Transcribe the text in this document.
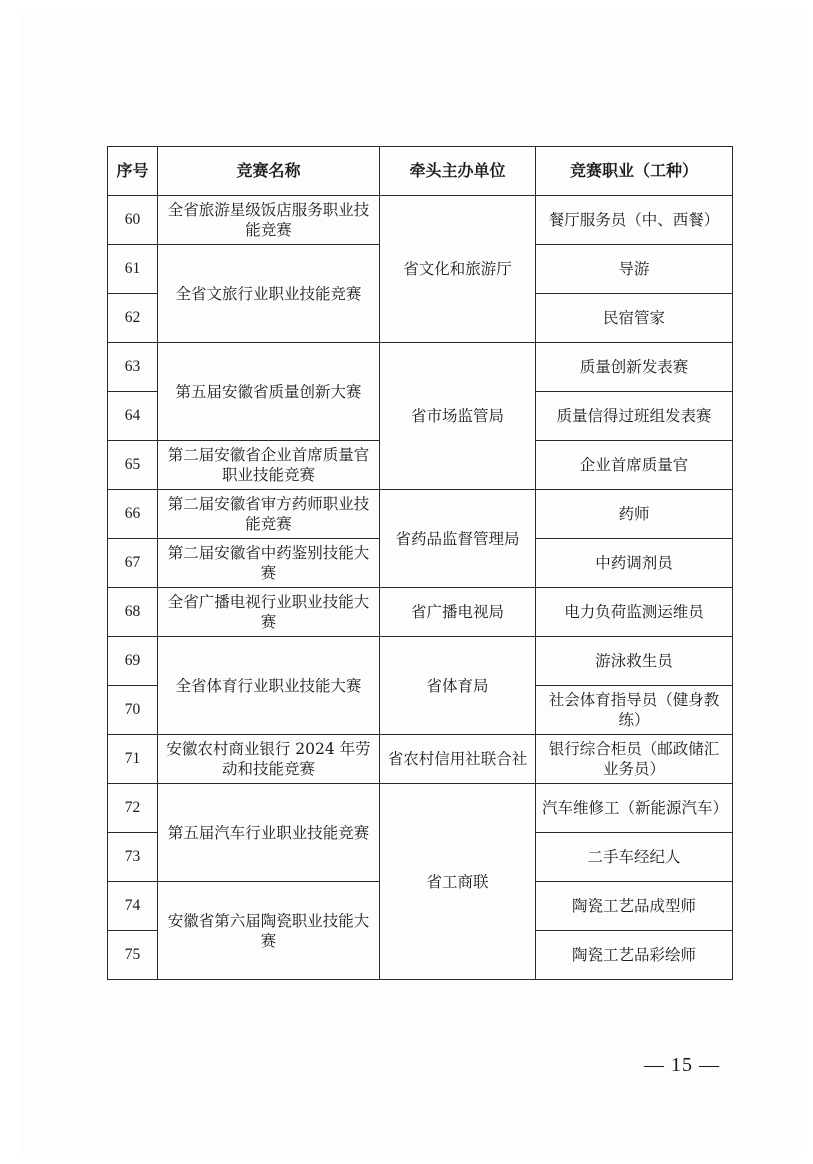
序号	竞赛名称	牵头主办单位	竞赛职业（工种）
60	全省旅游星级饭店服务职业技能竞赛	省文化和旅游厅	餐厅服务员（中、西餐）
61	全省文旅行业职业技能竞赛		导游
62			民宿管家
63	第五届安徽省质量创新大赛	省市场监管局	质量创新发表赛
64			质量信得过班组发表赛
65	第二届安徽省企业首席质量官职业技能竞赛		企业首席质量官
66	第二届安徽省审方药师职业技能竞赛	省药品监督管理局	药师
67	第二届安徽省中药鉴别技能大赛		中药调剂员
68	全省广播电视行业职业技能大赛	省广播电视局	电力负荷监测运维员
69	全省体育行业职业技能大赛	省体育局	游泳救生员
70			社会体育指导员（健身教练）
71	安徽农村商业银行 2024 年劳动和技能竞赛	省农村信用社联合社	银行综合柜员（邮政储汇业务员）
72	第五届汽车行业职业技能竞赛	省工商联	汽车维修工（新能源汽车）
73			二手车经纪人
74	安徽省第六届陶瓷职业技能大赛		陶瓷工艺品成型师
75			陶瓷工艺品彩绘师
— 15 —
